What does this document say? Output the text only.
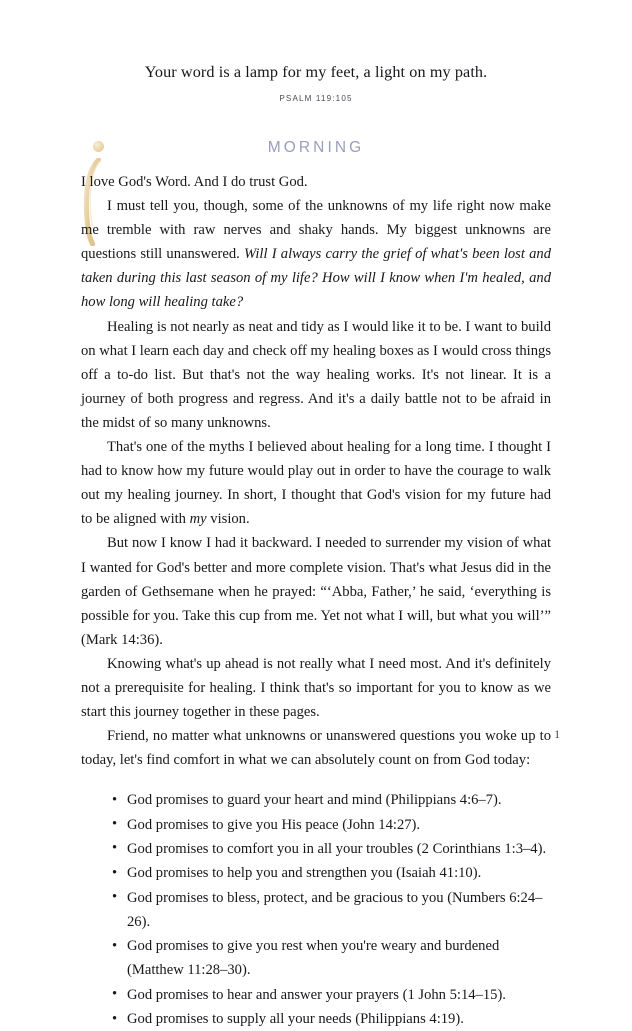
Your word is a lamp for my feet, a light on my path.
PSALM 119:105
MORNING

I love God's Word. And I do trust God.

I must tell you, though, some of the unknowns of my life right now make me tremble with raw nerves and shaky hands. My biggest unknowns are questions still unanswered. Will I always carry the grief of what's been lost and taken during this last season of my life? How will I know when I'm healed, and how long will healing take?

Healing is not nearly as neat and tidy as I would like it to be. I want to build on what I learn each day and check off my healing boxes as I would cross things off a to-do list. But that's not the way healing works. It's not linear. It is a journey of both progress and regress. And it's a daily battle not to be afraid in the midst of so many unknowns.

That's one of the myths I believed about healing for a long time. I thought I had to know how my future would play out in order to have the courage to walk out my healing journey. In short, I thought that God's vision for my future had to be aligned with my vision.

But now I know I had it backward. I needed to surrender my vision of what I wanted for God's better and more complete vision. That's what Jesus did in the garden of Gethsemane when he prayed: “‘Abba, Father,’ he said, ‘everything is possible for you. Take this cup from me. Yet not what I will, but what you will’” (Mark 14:36).

Knowing what's up ahead is not really what I need most. And it's definitely not a prerequisite for healing. I think that's so important for you to know as we start this journey together in these pages.

Friend, no matter what unknowns or unanswered questions you woke up to today, let's find comfort in what we can absolutely count on from God today:

• God promises to guard your heart and mind (Philippians 4:6–7).
• God promises to give you His peace (John 14:27).
• God promises to comfort you in all your troubles (2 Corinthians 1:3–4).
• God promises to help you and strengthen you (Isaiah 41:10).
• God promises to bless, protect, and be gracious to you (Numbers 6:24–26).
• God promises to give you rest when you're weary and burdened (Matthew 11:28–30).
• God promises to hear and answer your prayers (1 John 5:14–15).
• God promises to supply all your needs (Philippians 4:19).
1
